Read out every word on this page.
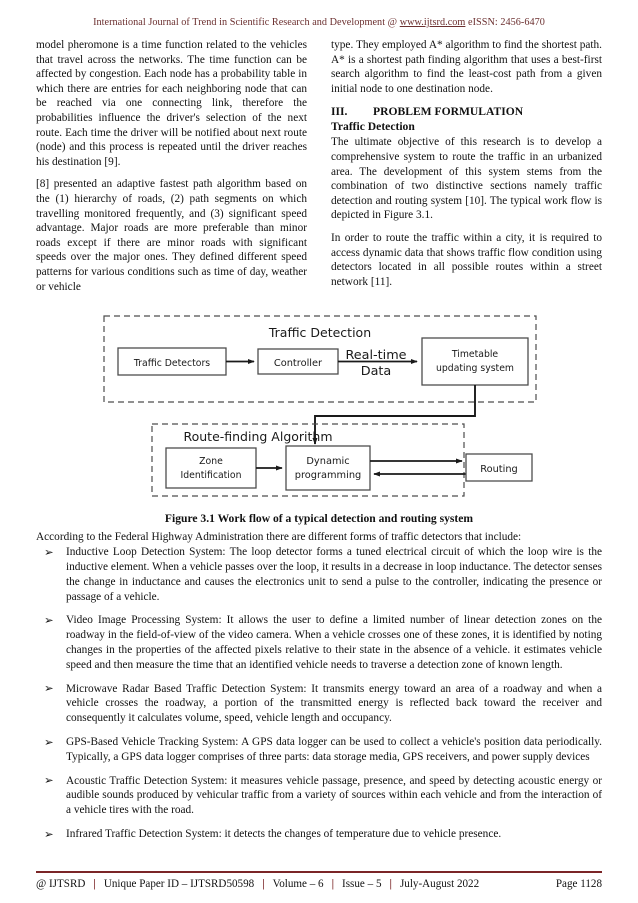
International Journal of Trend in Scientific Research and Development @ www.ijtsrd.com eISSN: 2456-6470

model pheromone is a time function related to the vehicles that travel across the networks. The time function can be affected by congestion. Each node has a probability table in which there are entries for each neighboring node that can be reached via one connecting link, therefore the probabilities influence the driver's selection of the next route. Each time the driver will be notified about next route (node) and this process is repeated until the driver reaches his destination [9].

[8] presented an adaptive fastest path algorithm based on the (1) hierarchy of roads, (2) path segments on which travelling monitored frequently, and (3) significant speed advantage. Major roads are more preferable than minor roads except if there are minor roads with significant speeds over the major ones. They defined different speed patterns for various conditions such as time of day, weather or vehicle

type. They employed A* algorithm to find the shortest path. A* is a shortest path finding algorithm that uses a best-first search algorithm to find the least-cost path from a given initial node to one destination node.

III.	PROBLEM FORMULATION
Traffic Detection

The ultimate objective of this research is to develop a comprehensive system to route the traffic in an urbanized area. The development of this system stems from the combination of two distinctive sections namely traffic detection and routing system [10]. The typical work flow is depicted in Figure 3.1.

In order to route the traffic within a city, it is required to access dynamic data that shows traffic flow condition using detectors located in all possible routes within a street network [11].

Traffic Detection
Traffic Detectors	Controller
Real-time
Data
Timetable
updating system
Route-finding Algorithm
Zone
Identification
Dynamic
programming
Routing
Figure 3.1 Work flow of a typical detection and routing system
According to the Federal Highway Administration there are different forms of traffic detectors that include:
➢ Inductive Loop Detection System: The loop detector forms a tuned electrical circuit of which the loop wire is the inductive element. When a vehicle passes over the loop, it results in a decrease in loop inductance. The detector senses the change in inductance and causes the electronics unit to send a pulse to the controller, indicating the presence or passage of a vehicle.
➢ Video Image Processing System: It allows the user to define a limited number of linear detection zones on the roadway in the field-of-view of the video camera. When a vehicle crosses one of these zones, it is identified by noting changes in the properties of the affected pixels relative to their state in the absence of a vehicle. it estimates vehicle speed and then measure the time that an identified vehicle needs to traverse a detection zone of known length.
➢ Microwave Radar Based Traffic Detection System: It transmits energy toward an area of a roadway and when a vehicle crosses the roadway, a portion of the transmitted energy is reflected back toward the receiver and consequently it calculates volume, speed, vehicle length and occupancy.
➢ GPS-Based Vehicle Tracking System: A GPS data logger can be used to collect a vehicle's position data periodically. Typically, a GPS data logger comprises of three parts: data storage media, GPS receivers, and power supply devices
➢ Acoustic Traffic Detection System: it measures vehicle passage, presence, and speed by detecting acoustic energy or audible sounds produced by vehicular traffic from a variety of sources within each vehicle and from the interaction of a vehicle tires with the road.
➢ Infrared Traffic Detection System: it detects the changes of temperature due to vehicle presence.
@ IJTSRD | Unique Paper ID – IJTSRD50598 | Volume – 6 | Issue – 5 | July-August 2022	Page 1128
